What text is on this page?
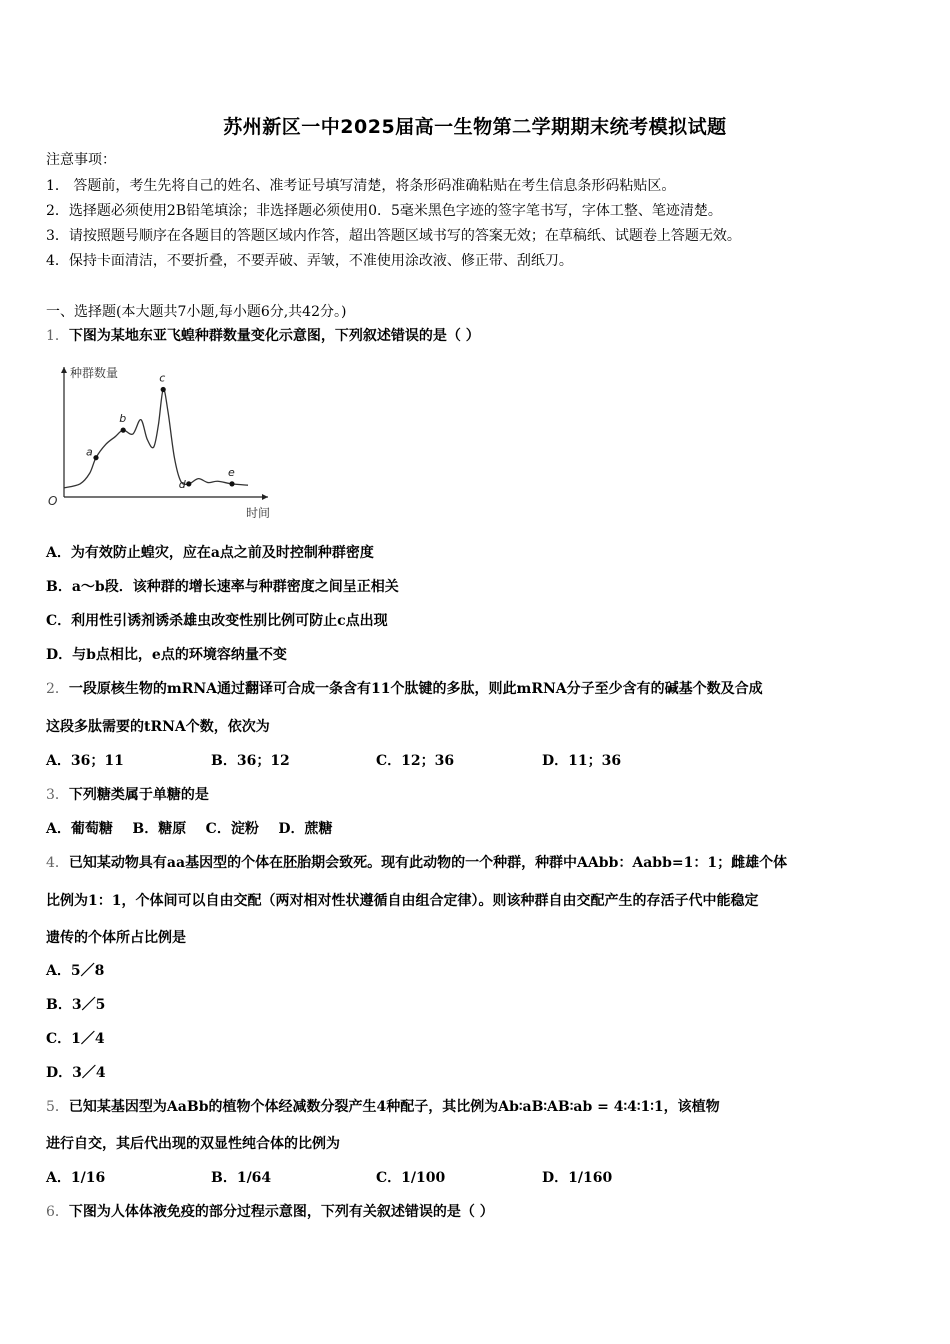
苏州新区一中2025届高一生物第二学期期末统考模拟试题
注意事项：
1． 答题前，考生先将自己的姓名、准考证号填写清楚，将条形码准确粘贴在考生信息条形码粘贴区。
2．选择题必须使用2B铅笔填涂；非选择题必须使用0．5毫米黑色字迹的签字笔书写，字体工整、笔迹清楚。
3．请按照题号顺序在各题目的答题区域内作答，超出答题区域书写的答案无效；在草稿纸、试题卷上答题无效。
4．保持卡面清洁，不要折叠，不要弄破、弄皱，不准使用涂改液、修正带、刮纸刀。
一、选择题(本大题共7小题,每小题6分,共42分。)
1．下图为某地东亚飞蝗种群数量变化示意图，下列叙述错误的是（ ）
种群数量
时间
O
a
b
c
d
e
A．为有效防止蝗灾，应在a点之前及时控制种群密度
B．a～b段．该种群的增长速率与种群密度之间呈正相关
C．利用性引诱剂诱杀雄虫改变性别比例可防止c点出现
D．与b点相比，e点的环境容纳量不变
2．一段原核生物的mRNA通过翻译可合成一条含有11个肽键的多肽，则此mRNA分子至少含有的碱基个数及合成
这段多肽需要的tRNA个数，依次为
A．36；11	B．36；12	C．12；36	D．11；36
3．下列糖类属于单糖的是
A．葡萄糖    B．糖原    C．淀粉    D．蔗糖
4．已知某动物具有aa基因型的个体在胚胎期会致死。现有此动物的一个种群，种群中AAbb：Aabb=1：1；雌雄个体
比例为1：1，个体间可以自由交配（两对相对性状遵循自由组合定律）。则该种群自由交配产生的存活子代中能稳定
遗传的个体所占比例是
A．5／8
B．3／5
C．1／4
D．3／4
5．已知某基因型为AaBb的植物个体经减数分裂产生4种配子，其比例为Ab∶aB∶AB∶ab = 4∶4∶1∶1，该植物
进行自交，其后代出现的双显性纯合体的比例为
A．1/16	B．1/64	C．1/100	D．1/160
6．下图为人体体液免疫的部分过程示意图，下列有关叙述错误的是（ ）
